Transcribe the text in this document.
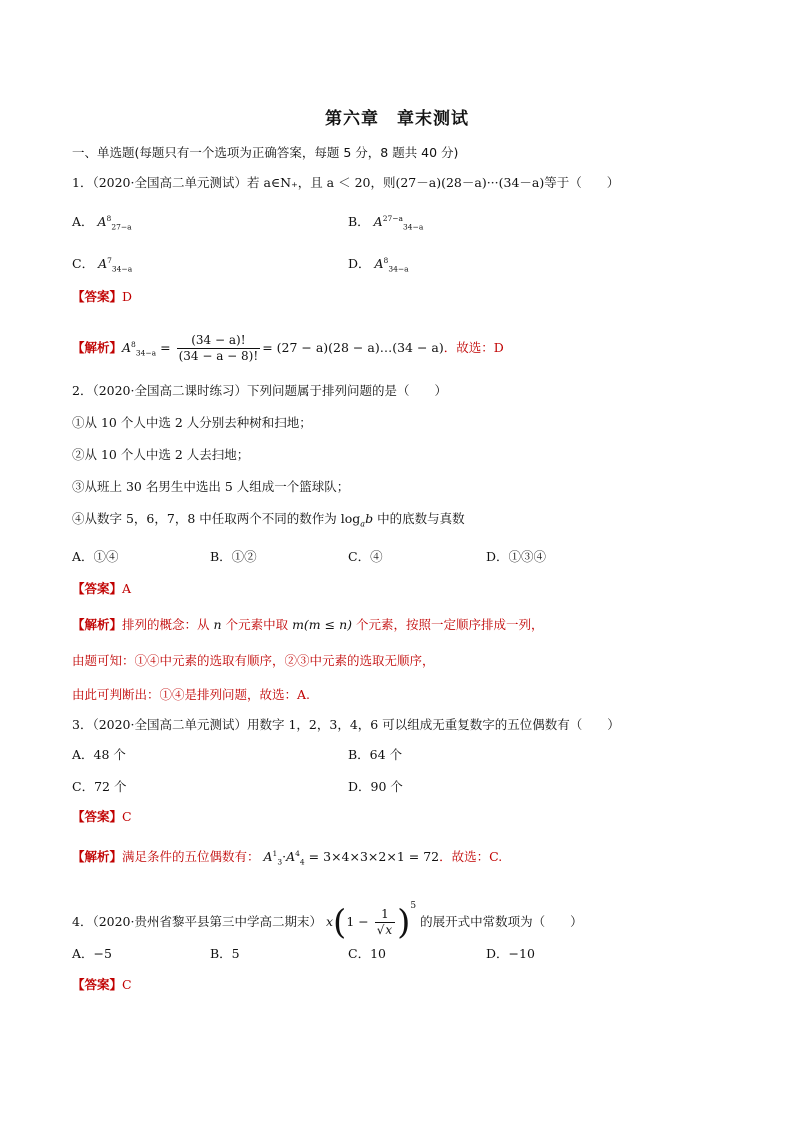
第六章　章末测试
一、单选题(每题只有一个选项为正确答案，每题 5 分，8 题共 40 分)
1．（2020·全国高二单元测试）若 a∈N₊，且 a ＜ 20，则(27－a)(28－a)···(34－a)等于（　　）
A． $A^8_{27-a}$	B． $A^{27-a}_{34-a}$
C． $A^7_{34-a}$	D． $A^8_{34-a}$
【答案】D
【解析】$A^8_{34-a} = \frac{(34 - a)!}{(34 - a - 8)!} = (27 - a)(28$ − a)…(34 − a)．故选：D
2．（2020·全国高二课时练习）下列问题属于排列问题的是（　　）
①从 10 个人中选 2 人分别去种树和扫地；
②从 10 个人中选 2 人去扫地；
③从班上 30 名男生中选出 5 人组成一个篮球队；
④从数字 5，6，7，8 中任取两个不同的数作为 $\log_ab$ 中的底数与真数
A．①④	B．①②	C．④	D．①③④
【答案】A
【解析】排列的概念：从 n 个元素中取 m(m ≤ n) 个元素，按照一定顺序排成一列，
由题可知：①④中元素的选取有顺序，②③中元素的选取无顺序，
由此可判断出：①④是排列问题，故选：A.
3．（2020·全国高二单元测试）用数字 1，2，3，4，6 可以组成无重复数字的五位偶数有（　　）
A．48 个	B．64 个
C．72 个	D．90 个
【答案】C
【解析】满足条件的五位偶数有： $A^1_3\cdot A^4_4 = 3\times 4\times 3\times 2\times 1 = 72$．故选：C.
4．（2020·贵州省黎平县第三中学高二期末） $x(1 - \frac{1}{√x} )^5$ 的展开式中常数项为（　　）
A．−5	B．5	C．10	D．−10
【答案】C
